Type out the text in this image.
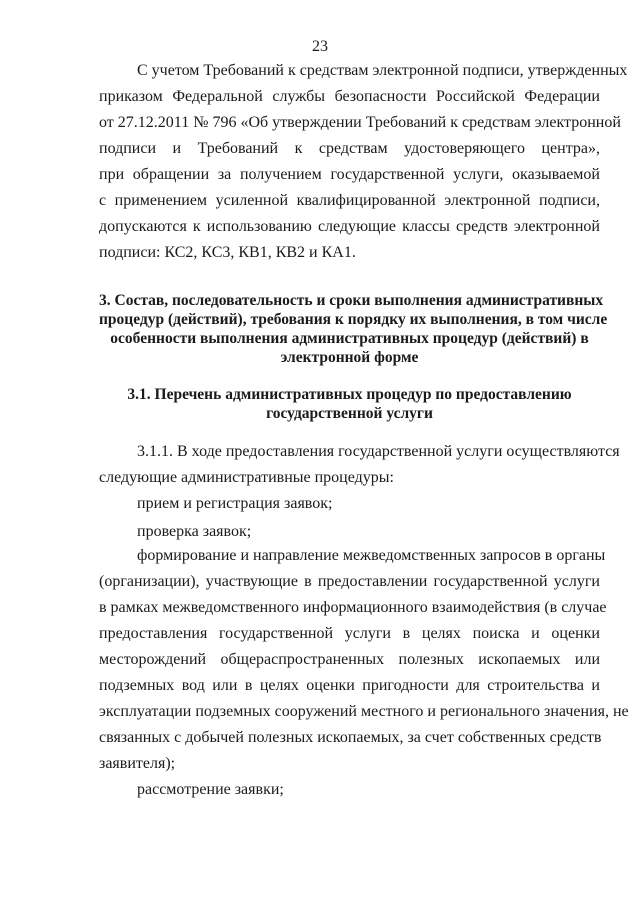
23
С учетом Требований к средствам электронной подписи, утвержденных
приказом Федеральной службы безопасности Российской Федерации
от 27.12.2011 № 796 «Об утверждении Требований к средствам электронной
подписи и Требований к средствам удостоверяющего центра»,
при обращении за получением государственной услуги, оказываемой
с применением усиленной квалифицированной электронной подписи,
допускаются к использованию следующие классы средств электронной
подписи: КС2, КС3, КВ1, КВ2 и КА1.
3. Состав, последовательность и сроки выполнения административных
процедур (действий), требования к порядку их выполнения, в том числе
особенности выполнения административных процедур (действий) в
электронной форме
3.1. Перечень административных процедур по предоставлению
государственной услуги
3.1.1. В ходе предоставления государственной услуги осуществляются
следующие административные процедуры:
прием и регистрация заявок;
проверка заявок;
формирование и направление межведомственных запросов в органы
(организации), участвующие в предоставлении государственной услуги
в рамках межведомственного информационного взаимодействия (в случае
предоставления государственной услуги в целях поиска и оценки
месторождений общераспространенных полезных ископаемых или
подземных вод или в целях оценки пригодности для строительства и
эксплуатации подземных сооружений местного и регионального значения, не
связанных с добычей полезных ископаемых, за счет собственных средств
заявителя);
рассмотрение заявки;
